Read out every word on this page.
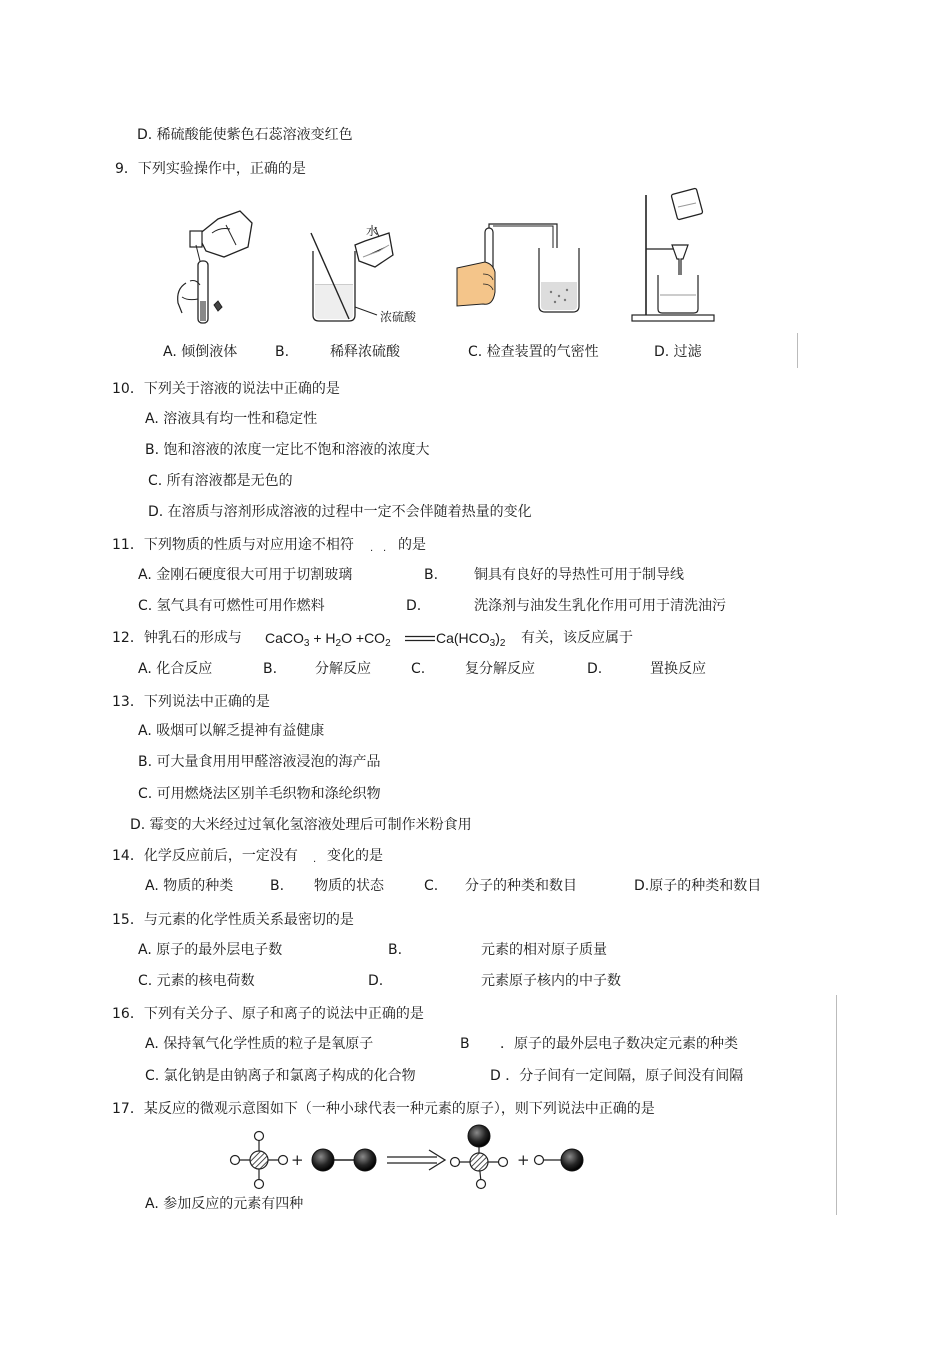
D. 稀硫酸能使紫色石蕊溶液变红色
9．下列实验操作中，正确的是
水
浓硫酸
A. 倾倒液体	B.	稀释浓硫酸	C. 检查装置的气密性	D. 过滤
10．下列关于溶液的说法中正确的是
A. 溶液具有均一性和稳定性
B. 饱和溶液的浓度一定比不饱和溶液的浓度大
C. 所有溶液都是无色的
D. 在溶质与溶剂形成溶液的过程中一定不会伴随着热量的变化
11．下列物质的性质与对应用途不相符 · · 的是
A. 金刚石硬度很大可用于切割玻璃	B.	铜具有良好的导热性可用于制导线
C. 氢气具有可燃性可用作燃料	D.	洗涤剂与油发生乳化作用可用于清洗油污
12．钟乳石的形成与 CaCO$_3$ + $H_2O +CO_2$	$Ca(HCO_3)_2$ 有关，该反应属于
A. 化合反应	B.	分解反应	C.	复分解反应	D.	置换反应
13．下列说法中正确的是
A. 吸烟可以解乏提神有益健康
B. 可大量食用用甲醛溶液浸泡的海产品
C. 可用燃烧法区别羊毛织物和涤纶织物
D. 霉变的大米经过过氧化氢溶液处理后可制作米粉食用
14．化学反应前后，一定没有 · 变化的是
A. 物质的种类	B. 物质的状态	C. 分子的种类和数目	D.原子的种类和数目
15．与元素的化学性质关系最密切的是
A. 原子的最外层电子数	B.	元素的相对原子质量
C. 元素的核电荷数	D.	元素原子核内的中子数
16．下列有关分子、原子和离子的说法中正确的是
A. 保持氧气化学性质的粒子是氧原子	B ．原子的最外层电子数决定元素的种类
C. 氯化钠是由钠离子和氯离子构成的化合物	D ．分子间有一定间隔，原子间没有间隔
17．某反应的微观示意图如下（一种小球代表一种元素的原子），则下列说法中正确的是
+	+
A. 参加反应的元素有四种
